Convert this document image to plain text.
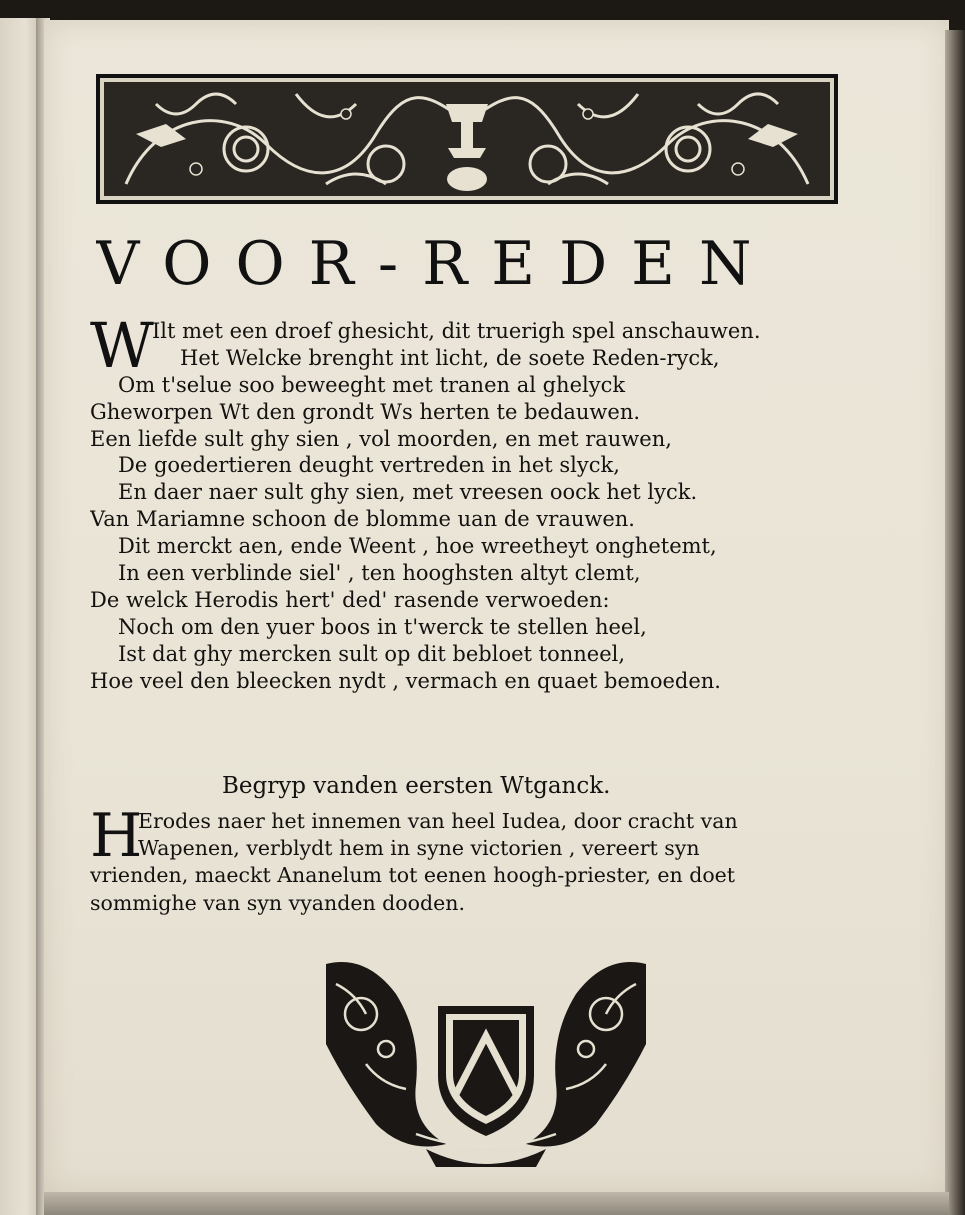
VOOR-REDEN
W
Ilt met een droef ghesicht, dit truerigh spel anschauwen.
Het Welcke brenght int licht, de soete Reden-ryck,
Om t'selue soo beweeght met tranen al ghelyck
Gheworpen Wt den grondt Ws herten te bedauwen.
Een liefde sult ghy sien , vol moorden, en met rauwen,
De goedertieren deught vertreden in het slyck,
En daer naer sult ghy sien, met vreesen oock het lyck.
Van Mariamne schoon de blomme uan de vrauwen.
Dit merckt aen, ende Weent , hoe wreetheyt onghetemt,
In een verblinde siel' , ten hooghsten altyt clemt,
De welck Herodis hert' ded' rasende verwoeden:
Noch om den yuer boos in t'werck te stellen heel,
Ist dat ghy mercken sult op dit bebloet tonneel,
Hoe veel den bleecken nydt , vermach en quaet bemoeden.
Begryp vanden eersten Wtganck.
H
Erodes naer het innemen van heel Iudea, door cracht van
Wapenen, verblydt hem in syne victorien , vereert syn
vrienden, maeckt Ananelum tot eenen hoogh-priester, en doet
sommighe van syn vyanden dooden.
